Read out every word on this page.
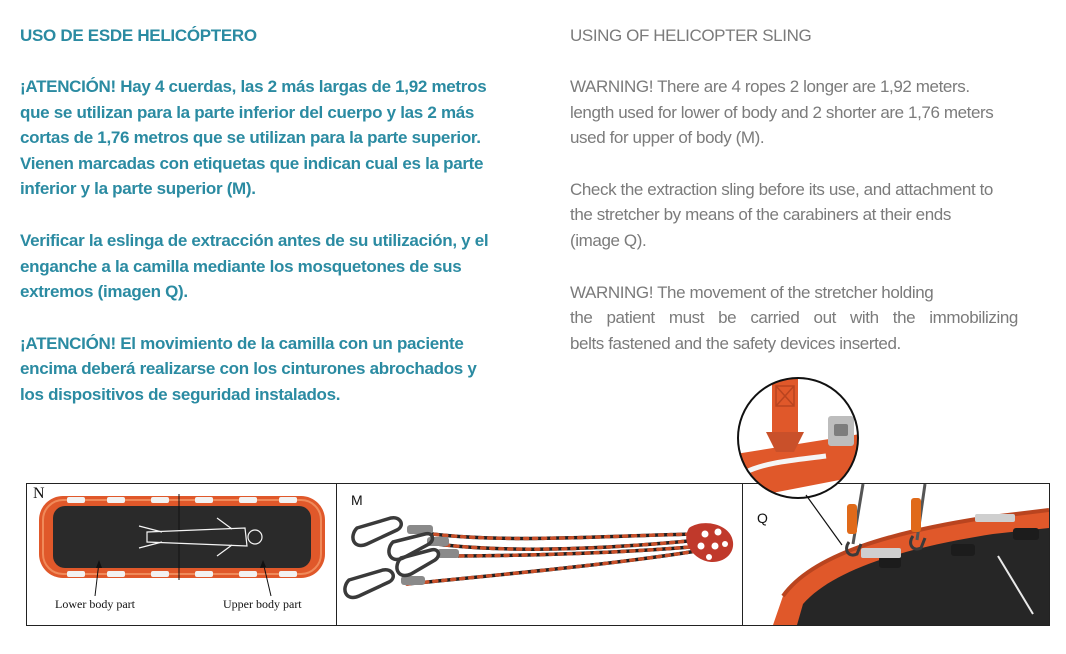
USO DE ESDE HELICÓPTERO
¡ATENCIÓN! Hay 4 cuerdas, las 2 más largas de 1,92 metros
que se utilizan para la parte inferior del cuerpo y las 2 más
cortas de 1,76 metros que se utilizan para la parte superior.
Vienen marcadas con etiquetas que indican cual es la parte
inferior y la parte superior (M).
Verificar la eslinga de extracción antes de su utilización, y el
enganche a la camilla mediante los mosquetones de sus
extremos (imagen Q).
¡ATENCIÓN! El movimiento de la camilla con un paciente
encima deberá realizarse con los cinturones abrochados y
los dispositivos de seguridad instalados.
USING OF HELICOPTER SLING
WARNING! There are 4 ropes 2 longer are 1,92 meters.
length used for lower of body and 2 shorter are 1,76 meters
used for upper of body (M).
Check the extraction sling before its use, and attachment to
the stretcher by means of the carabiners at their ends
(image Q).
WARNING! The movement of the stretcher holding
the patient must be carried out with the immobilizing
belts fastened and the safety devices inserted.
N
Lower body part	Upper body part
M
Q
